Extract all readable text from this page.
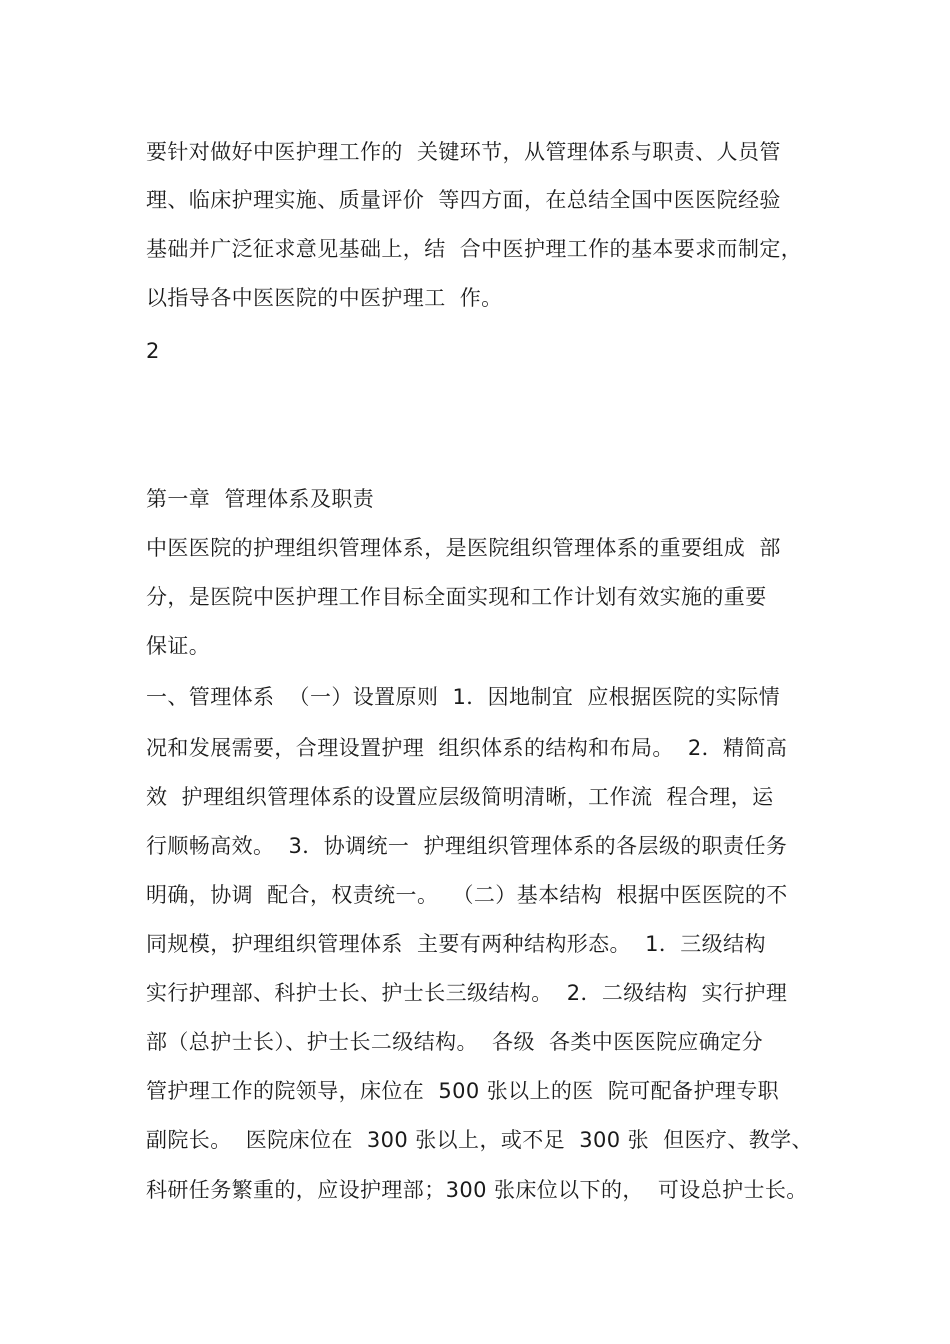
要针对做好中医护理工作的  关键环节，从管理体系与职责、人员管
理、临床护理实施、质量评价  等四方面，在总结全国中医医院经验
基础并广泛征求意见基础上，结  合中医护理工作的基本要求而制定，
以指导各中医医院的中医护理工  作。
2
第一章  管理体系及职责
中医医院的护理组织管理体系，是医院组织管理体系的重要组成  部
分，是医院中医护理工作目标全面实现和工作计划有效实施的重要
保证。
一、管理体系  （一）设置原则  1．因地制宜  应根据医院的实际情
况和发展需要，合理设置护理  组织体系的结构和布局。  2．精简高
效  护理组织管理体系的设置应层级简明清晰，工作流  程合理，运
行顺畅高效。  3．协调统一  护理组织管理体系的各层级的职责任务
明确，协调  配合，权责统一。  （二）基本结构  根据中医医院的不
同规模，护理组织管理体系  主要有两种结构形态。  1．三级结构
实行护理部、科护士长、护士长三级结构。  2．二级结构  实行护理
部（总护士长）、护士长二级结构。  各级  各类中医医院应确定分
管护理工作的院领导，床位在  500 张以上的医  院可配备护理专职
副院长。  医院床位在  300 张以上，或不足  300 张  但医疗、教学、
科研任务繁重的，应设护理部；300 张床位以下的，  可设总护士长。
